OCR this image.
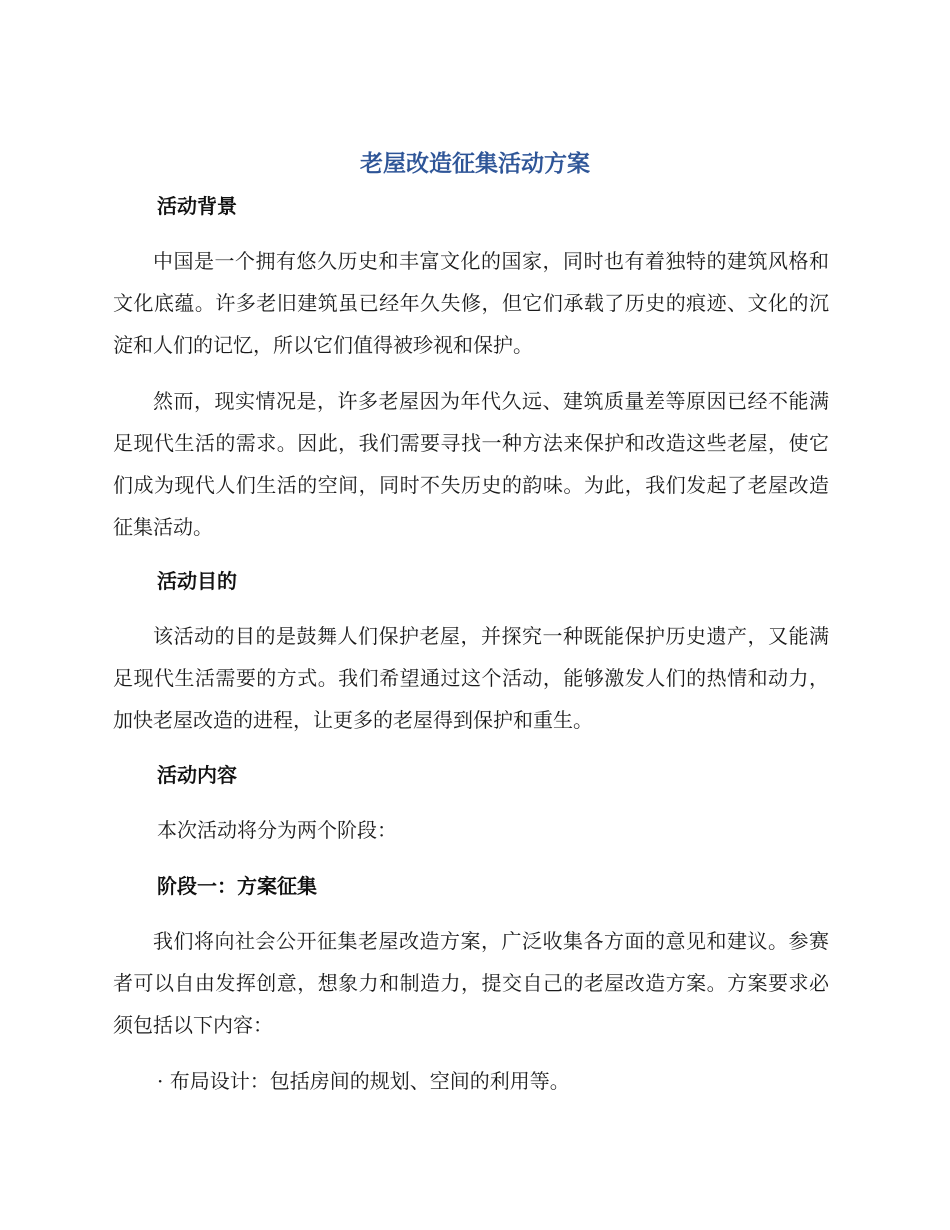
老屋改造征集活动方案
活动背景
中国是一个拥有悠久历史和丰富文化的国家，同时也有着独特的建筑风格和文化底蕴。许多老旧建筑虽已经年久失修，但它们承载了历史的痕迹、文化的沉淀和人们的记忆，所以它们值得被珍视和保护。
然而，现实情况是，许多老屋因为年代久远、建筑质量差等原因已经不能满足现代生活的需求。因此，我们需要寻找一种方法来保护和改造这些老屋，使它们成为现代人们生活的空间，同时不失历史的韵味。为此，我们发起了老屋改造征集活动。
活动目的
该活动的目的是鼓舞人们保护老屋，并探究一种既能保护历史遗产，又能满足现代生活需要的方式。我们希望通过这个活动，能够激发人们的热情和动力，加快老屋改造的进程，让更多的老屋得到保护和重生。
活动内容
本次活动将分为两个阶段：
阶段一：方案征集
我们将向社会公开征集老屋改造方案，广泛收集各方面的意见和建议。参赛者可以自由发挥创意，想象力和制造力，提交自己的老屋改造方案。方案要求必须包括以下内容：
· 布局设计：包括房间的规划、空间的利用等。
